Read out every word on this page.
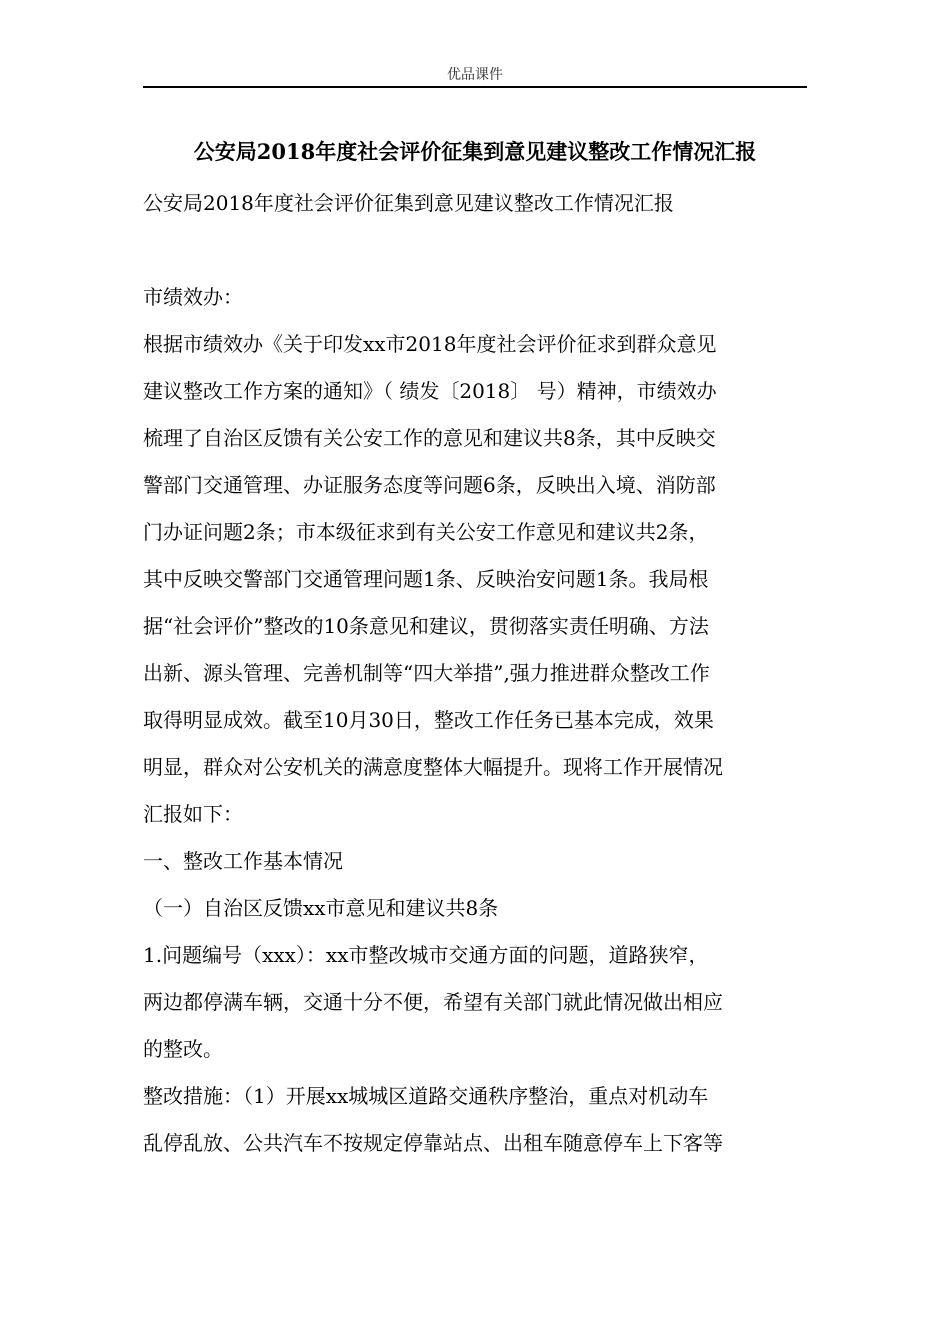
优品课件
公安局2018年度社会评价征集到意见建议整改工作情况汇报
公安局2018年度社会评价征集到意见建议整改工作情况汇报
市绩效办：
根据市绩效办《关于印发xx市2018年度社会评价征求到群众意见
建议整改工作方案的通知》（ 绩发〔2018〕 号）精神，市绩效办
梳理了自治区反馈有关公安工作的意见和建议共8条，其中反映交
警部门交通管理、办证服务态度等问题6条，反映出入境、消防部
门办证问题2条；市本级征求到有关公安工作意见和建议共2条，
其中反映交警部门交通管理问题1条、反映治安问题1条。我局根
据“社会评价”整改的10条意见和建议，贯彻落实责任明确、方法
出新、源头管理、完善机制等“四大举措”,强力推进群众整改工作
取得明显成效。截至10月30日，整改工作任务已基本完成，效果
明显，群众对公安机关的满意度整体大幅提升。现将工作开展情况
汇报如下：
一、整改工作基本情况
（一）自治区反馈xx市意见和建议共8条
1.问题编号（xxx）：xx市整改城市交通方面的问题，道路狭窄，
两边都停满车辆，交通十分不便，希望有关部门就此情况做出相应
的整改。
整改措施：（1）开展xx城城区道路交通秩序整治，重点对机动车
乱停乱放、公共汽车不按规定停靠站点、出租车随意停车上下客等
